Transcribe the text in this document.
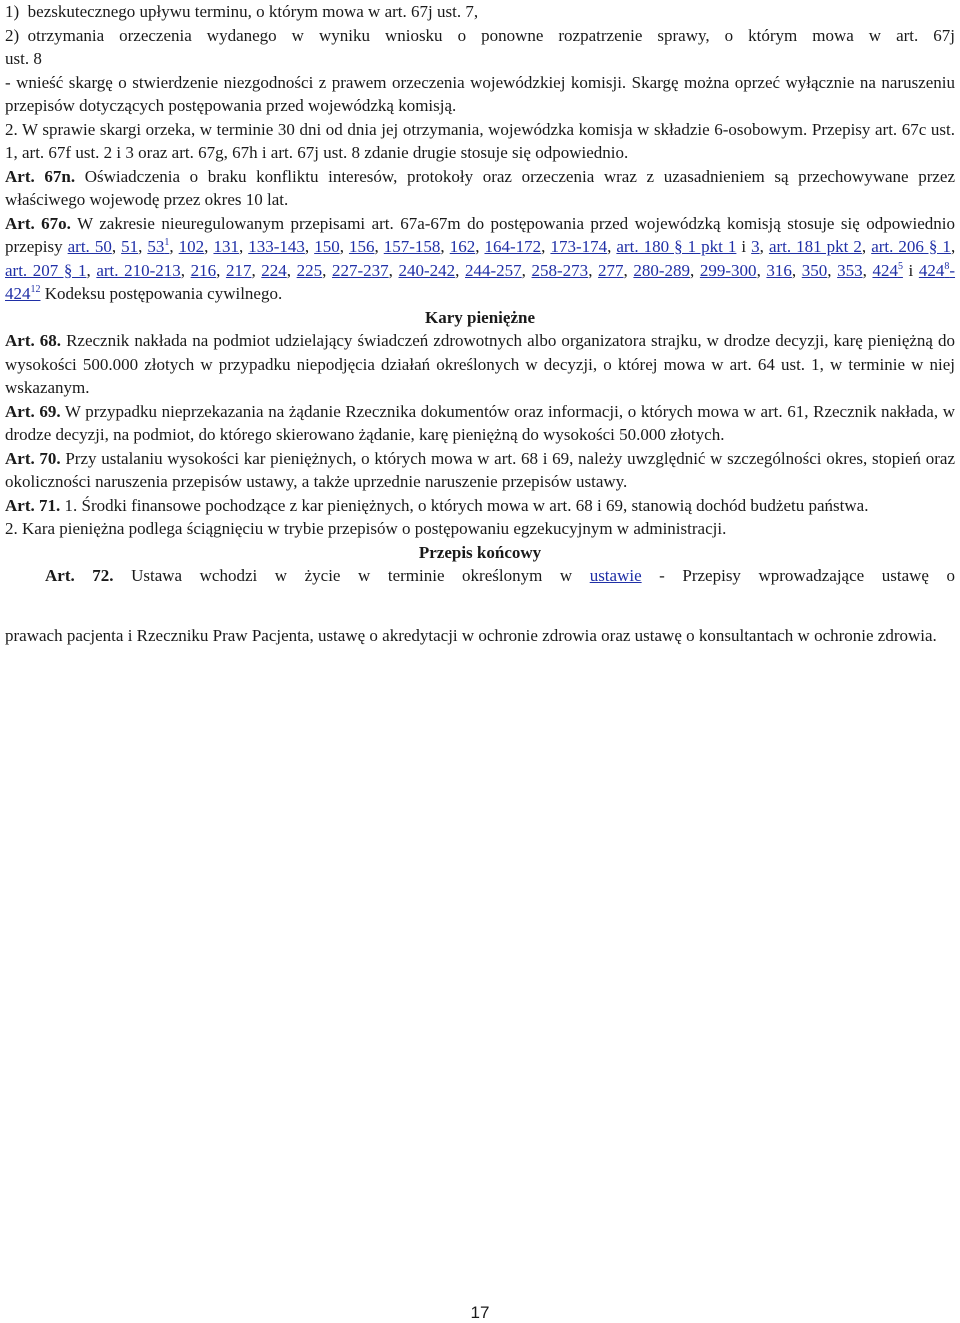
1) bezskutecznego upływu terminu, o którym mowa w art. 67j ust. 7,
2) otrzymania orzeczenia wydanego w wyniku wniosku o ponowne rozpatrzenie sprawy, o którym mowa w art. 67j
ust. 8
- wnieść skargę o stwierdzenie niezgodności z prawem orzeczenia wojewódzkiej komisji. Skargę można oprzeć wyłącznie na naruszeniu przepisów dotyczących postępowania przed wojewódzką komisją.
2. W sprawie skargi orzeka, w terminie 30 dni od dnia jej otrzymania, wojewódzka komisja w składzie 6-osobowym. Przepisy art. 67c ust. 1, art. 67f ust. 2 i 3 oraz art. 67g, 67h i art. 67j ust. 8 zdanie drugie stosuje się odpowiednio.
Art. 67n. Oświadczenia o braku konfliktu interesów, protokoły oraz orzeczenia wraz z uzasadnieniem są przechowywane przez właściwego wojewodę przez okres 10 lat.
Art. 67o. W zakresie nieuregulowanym przepisami art. 67a-67m do postępowania przed wojewódzką komisją stosuje się odpowiednio przepisy art. 50, 51, 53$^1$, 102, 131, 133-143, 150, 156, 157-158, 162, 164-172, 173-174, art. 180 § 1 pkt 1 i 3, art. 181 pkt 2, art. 206 § 1, art. 207 § 1, art. 210-213, 216, 217, 224, 225, 227-237, 240-242, 244-257, 258-273, 277, 280-289, 299-300, 316, 350, 353, 424$^5$ i 424$^8$-424$^{12}$ Kodeksu postępowania cywilnego.
Kary pieniężne
Art. 68. Rzecznik nakłada na podmiot udzielający świadczeń zdrowotnych albo organizatora strajku, w drodze decyzji, karę pieniężną do wysokości 500.000 złotych w przypadku niepodjęcia działań określonych w decyzji, o której mowa w art. 64 ust. 1, w terminie w niej wskazanym.
Art. 69. W przypadku nieprzekazania na żądanie Rzecznika dokumentów oraz informacji, o których mowa w art. 61, Rzecznik nakłada, w drodze decyzji, na podmiot, do którego skierowano żądanie, karę pieniężną do wysokości 50.000 złotych.
Art. 70. Przy ustalaniu wysokości kar pieniężnych, o których mowa w art. 68 i 69, należy uwzględnić w szczególności okres, stopień oraz okoliczności naruszenia przepisów ustawy, a także uprzednie naruszenie przepisów ustawy.
Art. 71. 1. Środki finansowe pochodzące z kar pieniężnych, o których mowa w art. 68 i 69, stanowią dochód budżetu państwa.
2. Kara pieniężna podlega ściągnięciu w trybie przepisów o postępowaniu egzekucyjnym w administracji.
Przepis końcowy
Art. 72. Ustawa wchodzi w życie w terminie określonym w ustawie - Przepisy wprowadzające ustawę o
prawach pacjenta i Rzeczniku Praw Pacjenta, ustawę o akredytacji w ochronie zdrowia oraz ustawę o konsultantach w ochronie zdrowia.
17
